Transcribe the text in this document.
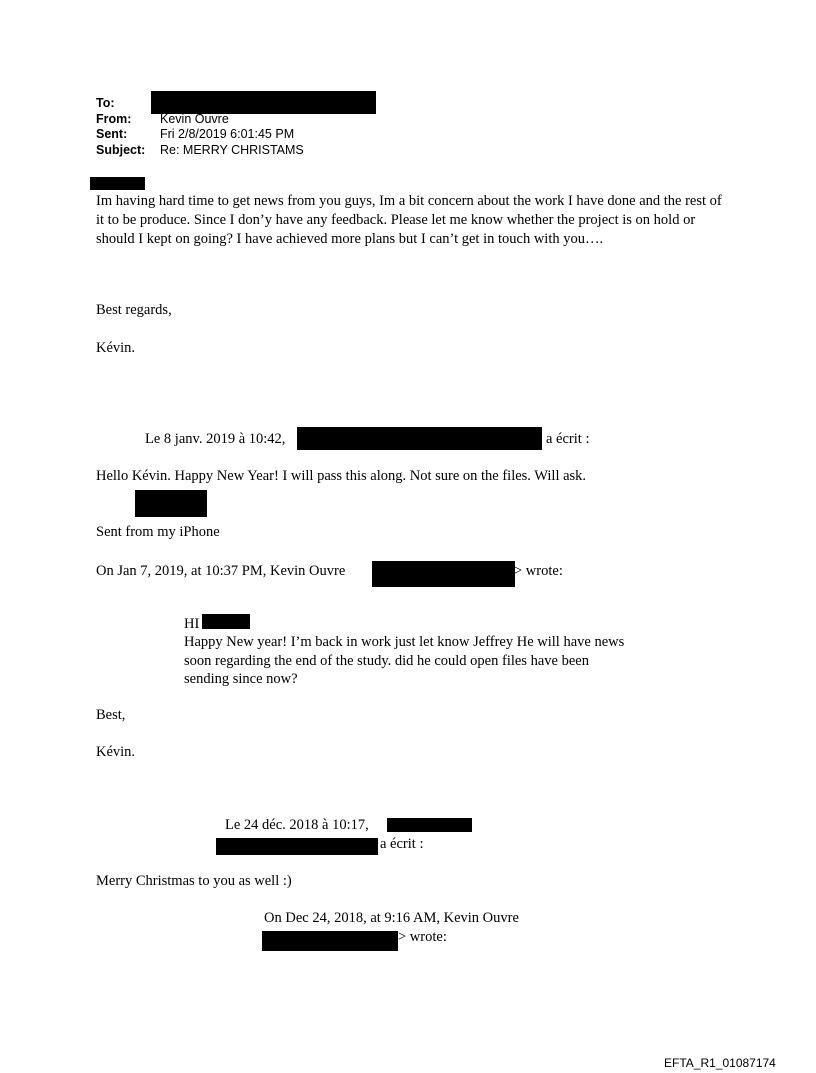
To:
From: Kevin Ouvre
Sent:	Fri 2/8/2019 6:01:45 PM
Subject: Re: MERRY CHRISTAMS
Im having hard time to get news from you guys, Im a bit concern about the work I have done and the rest of it to be produce. Since I don’y have any feedback. Please let me know whether the project is on hold or should I kept on going? I have achieved more plans but I can’t get in touch with you….
Best regards,
Kévin.
Le 8 janv. 2019 à 10:42,	a écrit :
Hello Kévin. Happy New Year! I will pass this along. Not sure on the files. Will ask.
Sent from my iPhone
On Jan 7, 2019, at 10:37 PM, Kevin Ouvre	> wrote:
HI
Happy New year! I’m back in work just let know Jeffrey He will have news soon regarding the end of the study. did he could open files have been sending since now?
Best,
Kévin.
Le 24 déc. 2018 à 10:17,
a écrit :
Merry Christmas to you as well :)
On Dec 24, 2018, at 9:16 AM, Kevin Ouvre
> wrote:
EFTA_R1_01087174
